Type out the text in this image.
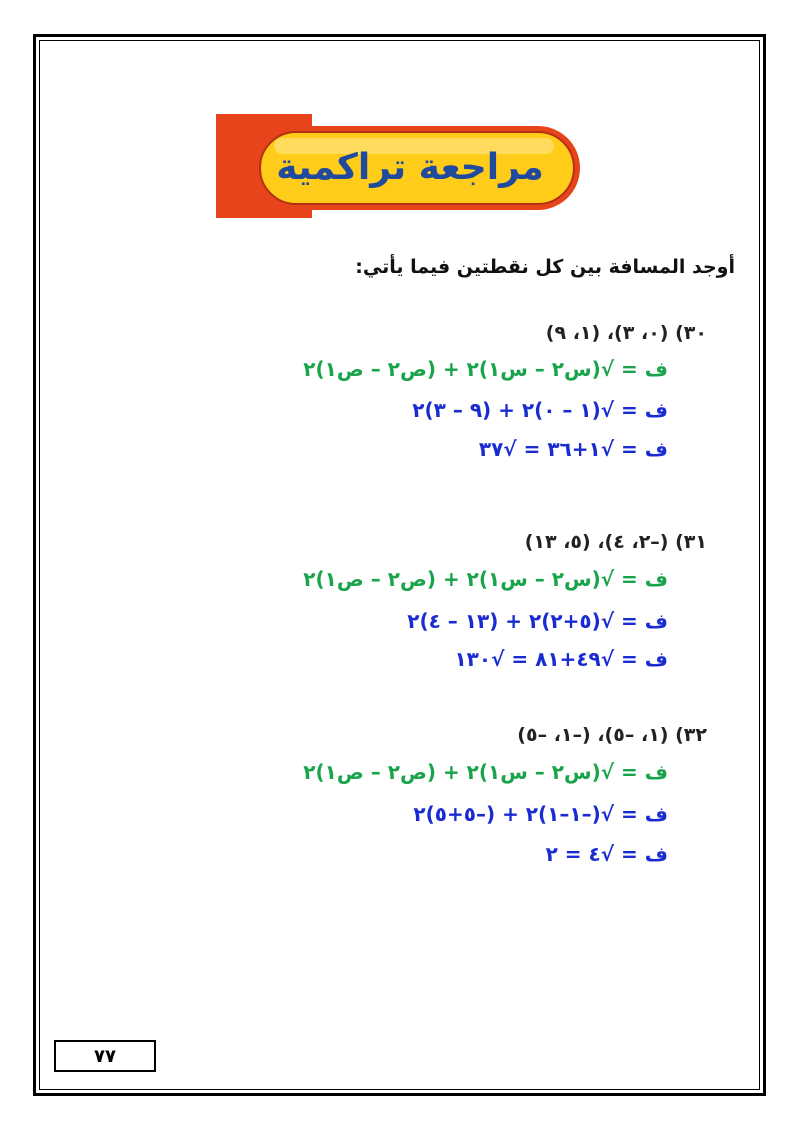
مراجعة تراكمية
أوجد المسافة بين كل نقطتين فيما يأتي:
٣٠) (٠، ٣)، (١، ٩)
ف = √(س٢ – س١)٢ + (ص٢ – ص١)٢
ف = √(١ – ٠)٢ + (٩ – ٣)٢
ف = √١+٣٦ = √٣٧
٣١) (–٢، ٤)، (٥، ١٣)
ف = √(س٢ – س١)٢ + (ص٢ – ص١)٢
ف = √(٥+٢)٢ + (١٣ – ٤)٢
ف = √٤٩+٨١ = √١٣٠
٣٢) (١، –٥)، (–١، –٥)
ف = √(س٢ – س١)٢ + (ص٢ – ص١)٢
ف = √(–١–١)٢ + (–٥+٥)٢
ف = √٤ = ٢
٧٧
